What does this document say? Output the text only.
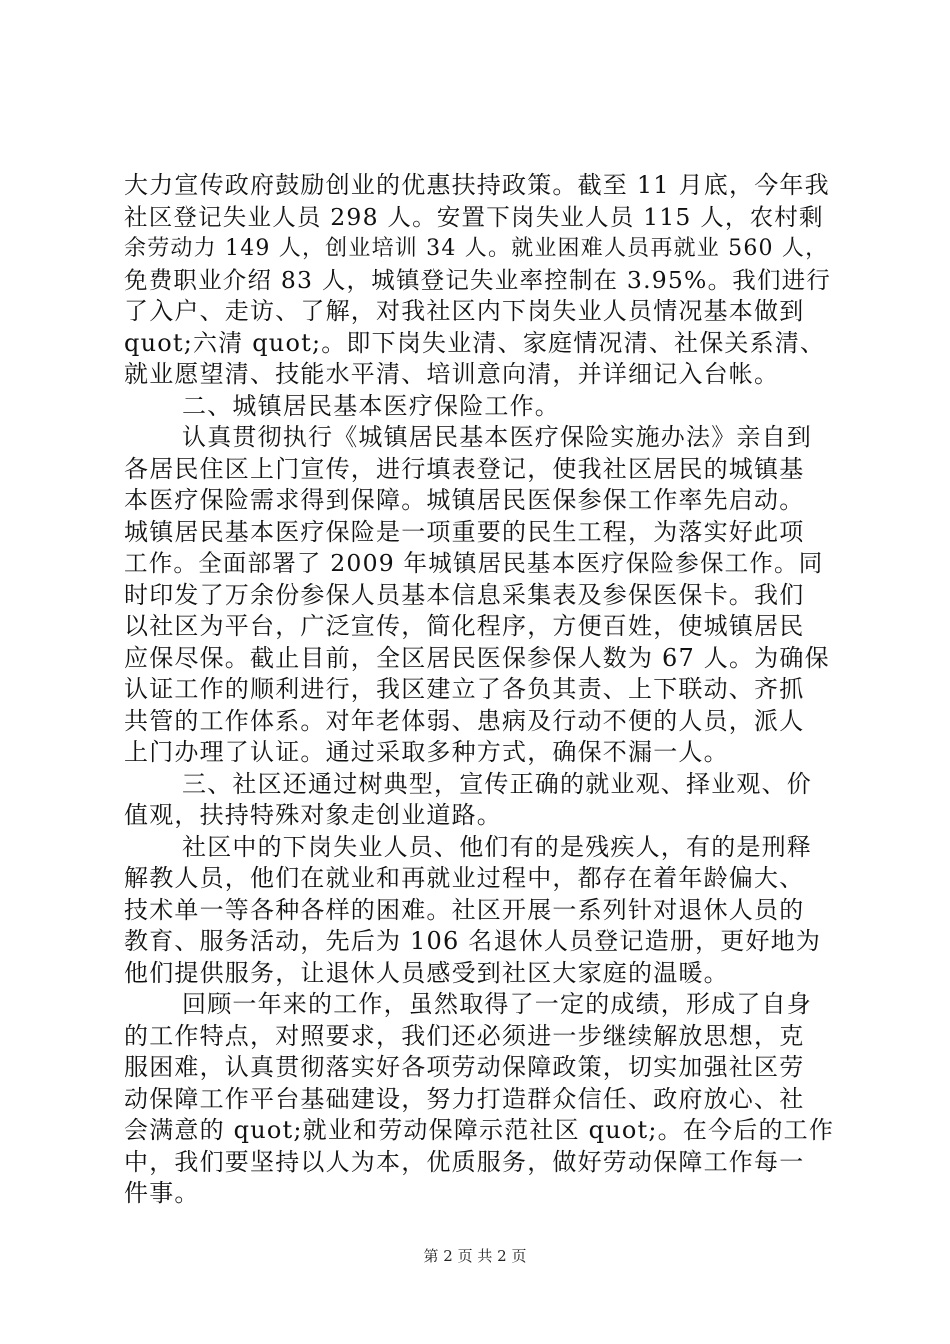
大力宣传政府鼓励创业的优惠扶持政策。截至 11 月底，今年我
社区登记失业人员 298 人。安置下岗失业人员 115 人，农村剩
余劳动力 149 人，创业培训 34 人。就业困难人员再就业 560 人，
免费职业介绍 83 人，城镇登记失业率控制在 3.95%。我们进行
了入户、走访、了解，对我社区内下岗失业人员情况基本做到
quot;六清 quot;。即下岗失业清、家庭情况清、社保关系清、
就业愿望清、技能水平清、培训意向清，并详细记入台帐。
二、城镇居民基本医疗保险工作。
认真贯彻执行《城镇居民基本医疗保险实施办法》亲自到
各居民住区上门宣传，进行填表登记，使我社区居民的城镇基
本医疗保险需求得到保障。城镇居民医保参保工作率先启动。
城镇居民基本医疗保险是一项重要的民生工程，为落实好此项
工作。全面部署了 2009 年城镇居民基本医疗保险参保工作。同
时印发了万余份参保人员基本信息采集表及参保医保卡。我们
以社区为平台，广泛宣传，简化程序，方便百姓，使城镇居民
应保尽保。截止目前，全区居民医保参保人数为 67 人。为确保
认证工作的顺利进行，我区建立了各负其责、上下联动、齐抓
共管的工作体系。对年老体弱、患病及行动不便的人员，派人
上门办理了认证。通过采取多种方式，确保不漏一人。
三、社区还通过树典型，宣传正确的就业观、择业观、价
值观，扶持特殊对象走创业道路。
社区中的下岗失业人员、他们有的是残疾人，有的是刑释
解教人员，他们在就业和再就业过程中，都存在着年龄偏大、
技术单一等各种各样的困难。社区开展一系列针对退休人员的
教育、服务活动，先后为 106 名退休人员登记造册，更好地为
他们提供服务，让退休人员感受到社区大家庭的温暖。
回顾一年来的工作，虽然取得了一定的成绩，形成了自身
的工作特点，对照要求，我们还必须进一步继续解放思想，克
服困难，认真贯彻落实好各项劳动保障政策，切实加强社区劳
动保障工作平台基础建设，努力打造群众信任、政府放心、社
会满意的 quot;就业和劳动保障示范社区 quot;。在今后的工作
中，我们要坚持以人为本，优质服务，做好劳动保障工作每一
件事。
第 2 页 共 2 页
